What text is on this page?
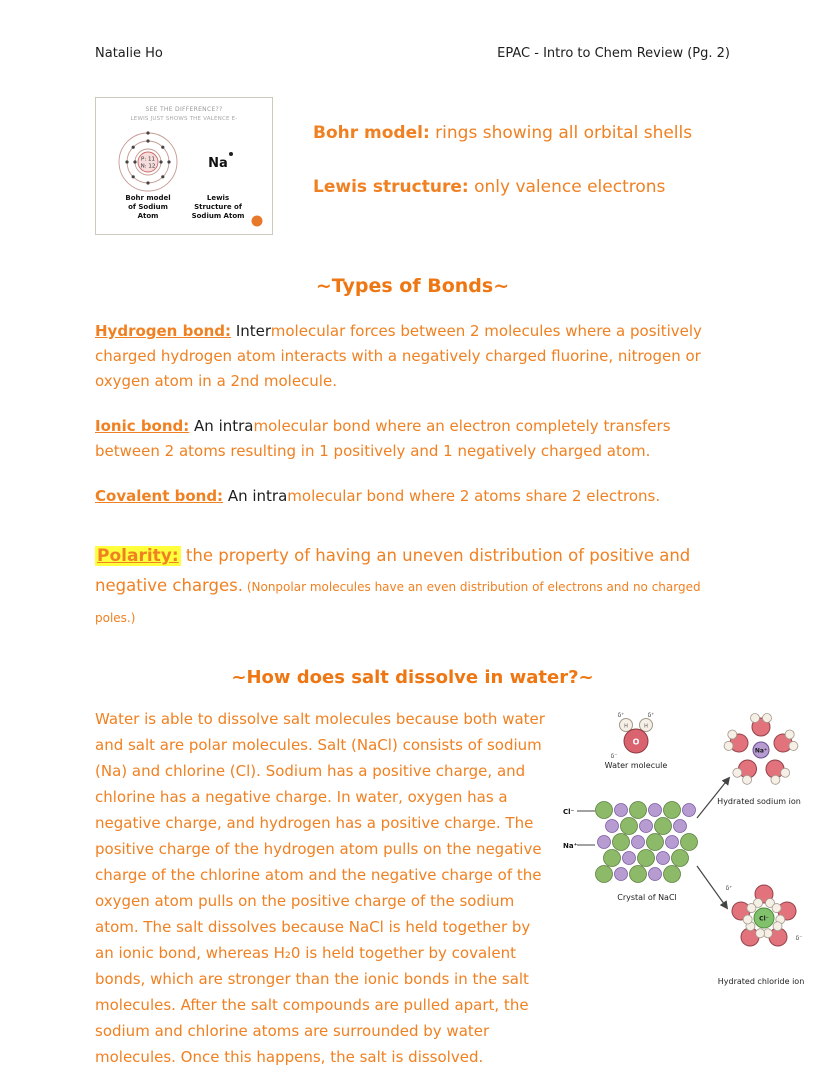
Natalie Ho	EPAC - Intro to Chem Review (Pg. 2)
SEE THE DIFFERENCE??
LEWIS JUST SHOWS THE VALENCE E-
P: 11
N: 12	Na
Bohr model
of Sodium
Atom
Lewis
Structure of
Sodium Atom

Bohr model: rings showing all orbital shells

Lewis structure: only valence electrons

~Types of Bonds~

Hydrogen bond: Intermolecular forces between 2 molecules where a positively charged hydrogen atom interacts with a negatively charged fluorine, nitrogen or oxygen atom in a 2nd molecule.

Ionic bond: An intramolecular bond where an electron completely transfers between 2 atoms resulting in 1 positively and 1 negatively charged atom.

Covalent bond: An intramolecular bond where 2 atoms share 2 electrons.

Polarity: the property of having an uneven distribution of positive and negative charges. (Nonpolar molecules have an even distribution of electrons and no charged poles.)

~How does salt dissolve in water?~

Water is able to dissolve salt molecules because both water and salt are polar molecules. Salt (NaCl) consists of sodium (Na) and chlorine (Cl). Sodium has a positive charge, and chlorine has a negative charge. In water, oxygen has a negative charge, and hydrogen has a positive charge. The positive charge of the hydrogen atom pulls on the negative charge of the chlorine atom and the negative charge of the oxygen atom pulls on the positive charge of the sodium atom. The salt dissolves because NaCl is held together by an ionic bond, whereas H₂0 is held together by covalent bonds, which are stronger than the ionic bonds in the salt molecules. After the salt compounds are pulled apart, the sodium and chlorine atoms are surrounded by water molecules. Once this happens, the salt is dissolved.

δ⁺	δ⁺
H	H
O
δ⁻
Water molecule
Na⁺
Hydrated sodium ion
Cl⁻
Na⁺
Crystal of NaCl
Cl⁻
δ⁺
δ⁻
Hydrated chloride ion
